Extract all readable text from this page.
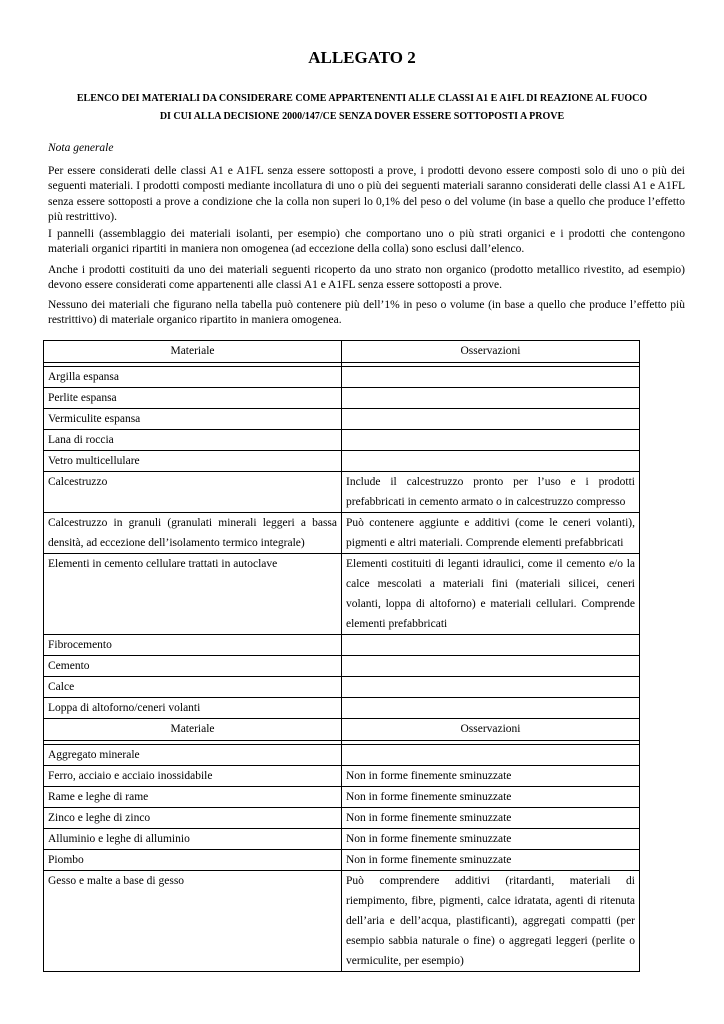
ALLEGATO 2
ELENCO DEI MATERIALI DA CONSIDERARE COME APPARTENENTI ALLE CLASSI A1 E A1FL DI REAZIONE AL FUOCO
DI CUI ALLA DECISIONE 2000/147/CE SENZA DOVER ESSERE SOTTOPOSTI A PROVE
Nota generale
Per essere considerati delle classi A1 e A1FL senza essere sottoposti a prove, i prodotti devono essere composti solo di uno o più dei seguenti materiali. I prodotti composti mediante incollatura di uno o più dei seguenti materiali saranno considerati delle classi A1 e A1FL senza essere sottoposti a prove a condizione che la colla non superi lo 0,1% del peso o del volume (in base a quello che produce l’effetto più restrittivo).
I pannelli (assemblaggio dei materiali isolanti, per esempio) che comportano uno o più strati organici e i prodotti che contengono materiali organici ripartiti in maniera non omogenea (ad eccezione della colla) sono esclusi dall’elenco.
Anche i prodotti costituiti da uno dei materiali seguenti ricoperto da uno strato non organico (prodotto metallico rivestito, ad esempio) devono essere considerati come appartenenti alle classi A1 e A1FL senza essere sottoposti a prove.
Nessuno dei materiali che figurano nella tabella può contenere più dell’1% in peso o volume (in base a quello che produce l’effetto più restrittivo) di materiale organico ripartito in maniera omogenea.
Materiale	Osservazioni

Argilla espansa	
Perlite espansa	
Vermiculite espansa	
Lana di roccia	
Vetro multicellulare	
Calcestruzzo	Include il calcestruzzo pronto per l’uso e i prodotti prefabbricati in cemento armato o in calcestruzzo compresso
Calcestruzzo in granuli (granulati minerali leggeri a bassa densità, ad eccezione dell’isolamento termico integrale)	Può contenere aggiunte e additivi (come le ceneri volanti), pigmenti e altri materiali. Comprende elementi prefabbricati
Elementi in cemento cellulare trattati in autoclave	Elementi costituiti di leganti idraulici, come il cemento e/o la calce mescolati a materiali fini (materiali silicei, ceneri volanti, loppa di altoforno) e materiali cellulari. Comprende elementi prefabbricati
Fibrocemento	
Cemento	
Calce	
Loppa di altoforno/ceneri volanti	
Materiale	Osservazioni

Aggregato minerale	
Ferro, acciaio e acciaio inossidabile	Non in forme finemente sminuzzate
Rame e leghe di rame	Non in forme finemente sminuzzate
Zinco e leghe di zinco	Non in forme finemente sminuzzate
Alluminio e leghe di alluminio	Non in forme finemente sminuzzate
Piombo	Non in forme finemente sminuzzate
Gesso e malte a base di gesso	Può comprendere additivi (ritardanti, materiali di riempimento, fibre, pigmenti, calce idratata, agenti di ritenuta dell’aria e dell’acqua, plastificanti), aggregati compatti (per esempio sabbia naturale o fine) o aggregati leggeri (perlite o vermiculite, per esempio)
